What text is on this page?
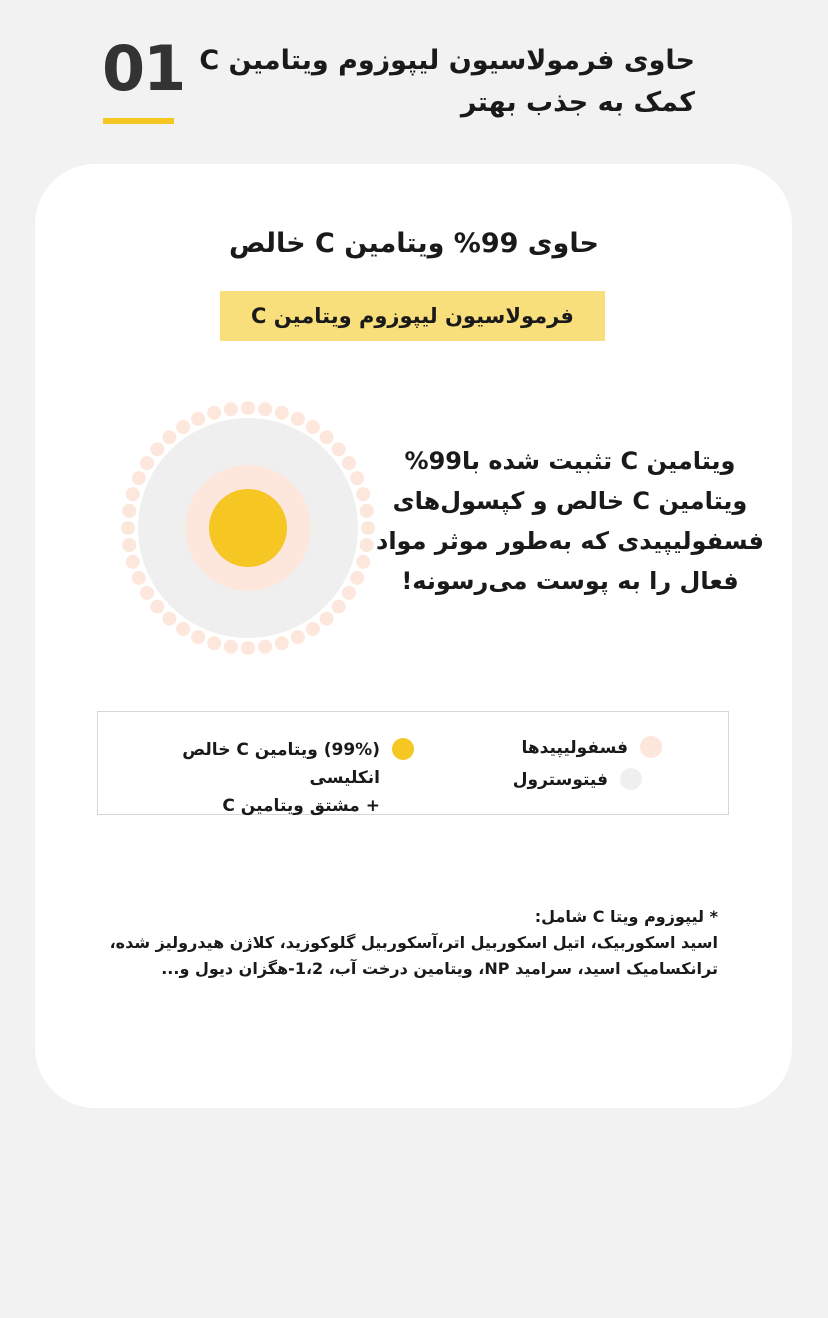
01 حاوی فرمولاسیون لیپوزوم ویتامین C
کمک به جذب بهتر
حاوی 99% ویتامین C خالص
فرمولاسیون لیپوزوم ویتامین C
ویتامین C تثبیت شده با99%
ویتامین C خالص و کپسول‌های
فسفولیپیدی که به‌طور موثر مواد
فعال را به پوست می‌رسونه!
فسفولیپیدها
فیتوسترول
(99%) ویتامین C خالص انکلیسی
+ مشتق ویتامین C
* لیپوزوم ویتا C شامل:
اسید اسکوربیک، اتیل اسکوربیل اتر،آسکوربیل گلوکوزید، کلاژن هیدرولیز شده،
ترانکسامیک اسید، سرامید NP، ویتامین درخت آب، 1،2-هگزان دیول و...
